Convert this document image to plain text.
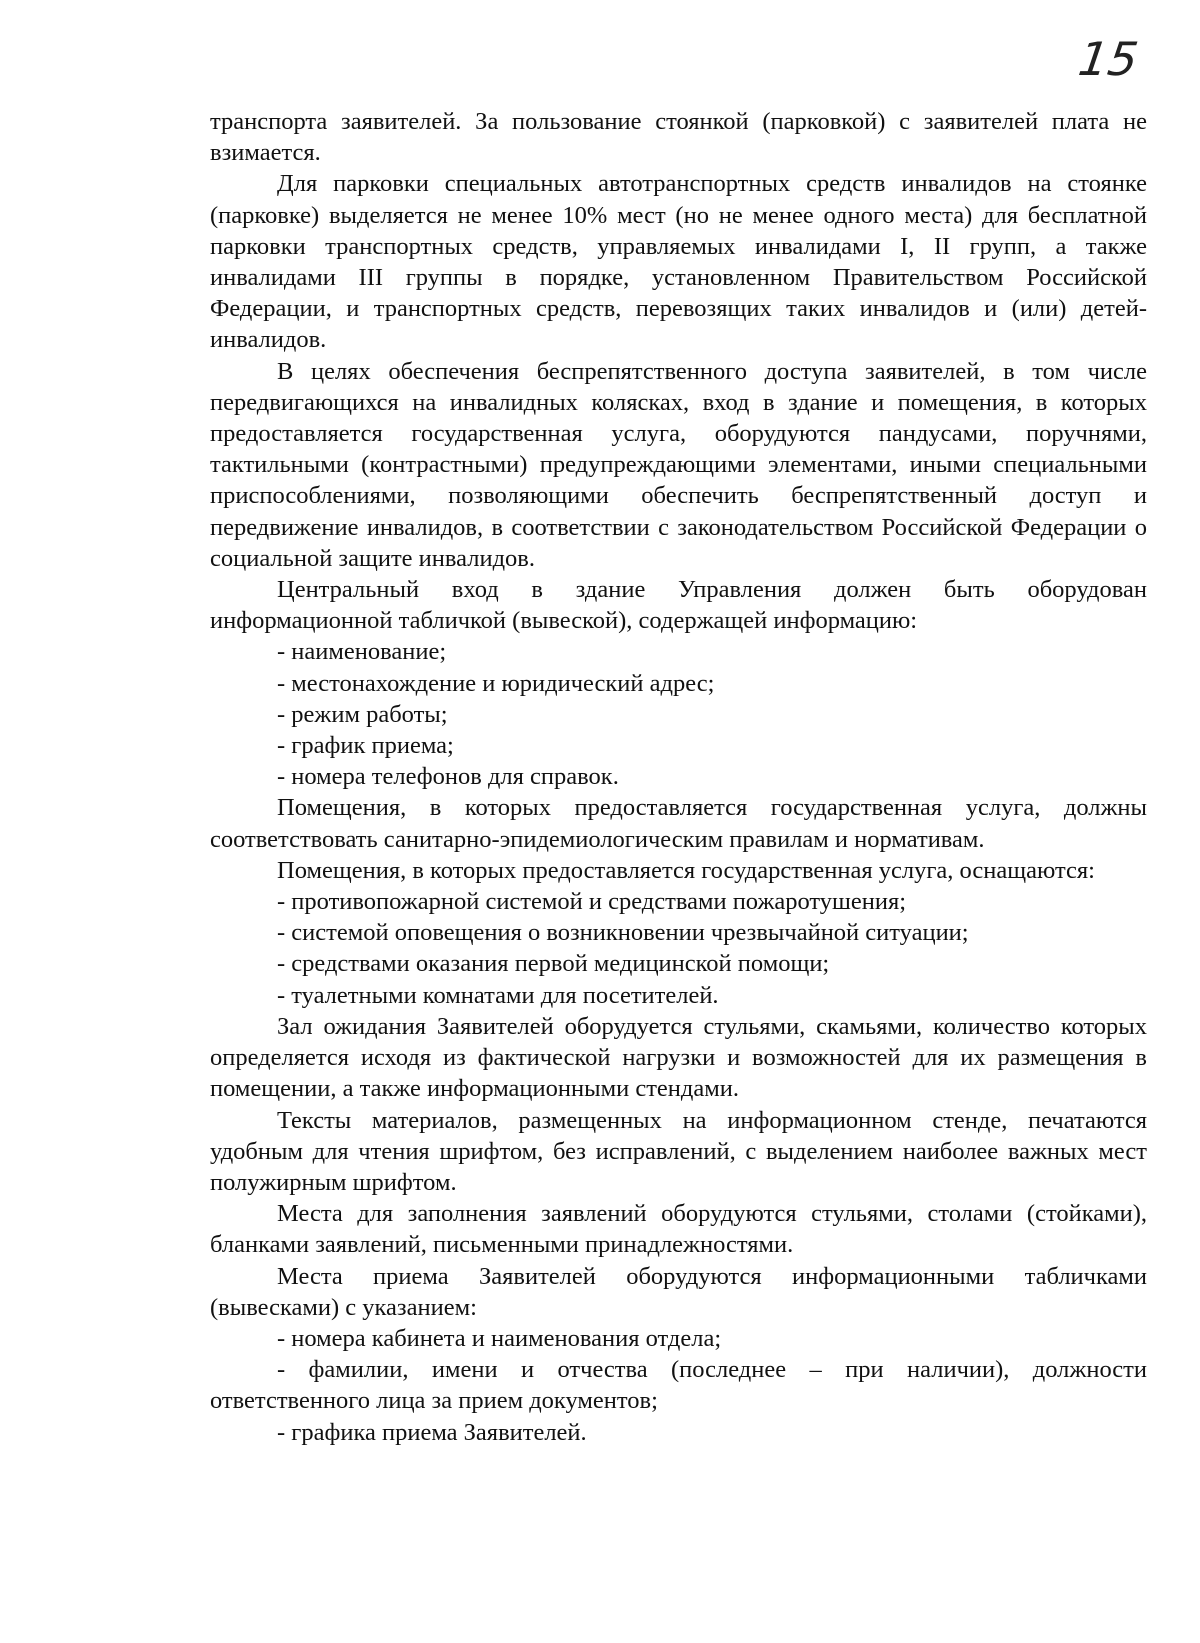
15

транспорта заявителей. За пользование стоянкой (парковкой) с заявителей плата не взимается.

Для парковки специальных автотранспортных средств инвалидов на стоянке (парковке) выделяется не менее 10% мест (но не менее одного места) для бесплатной парковки транспортных средств, управляемых инвалидами I, II групп, а также инвалидами III группы в порядке, установленном Правительством Российской Федерации, и транспортных средств, перевозящих таких инвалидов и (или) детей-инвалидов.

В целях обеспечения беспрепятственного доступа заявителей, в том числе передвигающихся на инвалидных колясках, вход в здание и помещения, в которых предоставляется государственная услуга, оборудуются пандусами, поручнями, тактильными (контрастными) предупреждающими элементами, иными специальными приспособлениями, позволяющими обеспечить беспрепятственный доступ и передвижение инвалидов, в соответствии с законодательством Российской Федерации о социальной защите инвалидов.

Центральный вход в здание Управления должен быть оборудован информационной табличкой (вывеской), содержащей информацию:

- наименование;

- местонахождение и юридический адрес;

- режим работы;

- график приема;

- номера телефонов для справок.

Помещения, в которых предоставляется государственная услуга, должны соответствовать санитарно-эпидемиологическим правилам и нормативам.

Помещения, в которых предоставляется государственная услуга, оснащаются:

- противопожарной системой и средствами пожаротушения;

- системой оповещения о возникновении чрезвычайной ситуации;

- средствами оказания первой медицинской помощи;

- туалетными комнатами для посетителей.

Зал ожидания Заявителей оборудуется стульями, скамьями, количество которых определяется исходя из фактической нагрузки и возможностей для их размещения в помещении, а также информационными стендами.

Тексты материалов, размещенных на информационном стенде, печатаются удобным для чтения шрифтом, без исправлений, с выделением наиболее важных мест полужирным шрифтом.

Места для заполнения заявлений оборудуются стульями, столами (стойками), бланками заявлений, письменными принадлежностями.

Места приема Заявителей оборудуются информационными табличками (вывесками) с указанием:

- номера кабинета и наименования отдела;

- фамилии, имени и отчества (последнее – при наличии), должности ответственного лица за прием документов;

- графика приема Заявителей.
